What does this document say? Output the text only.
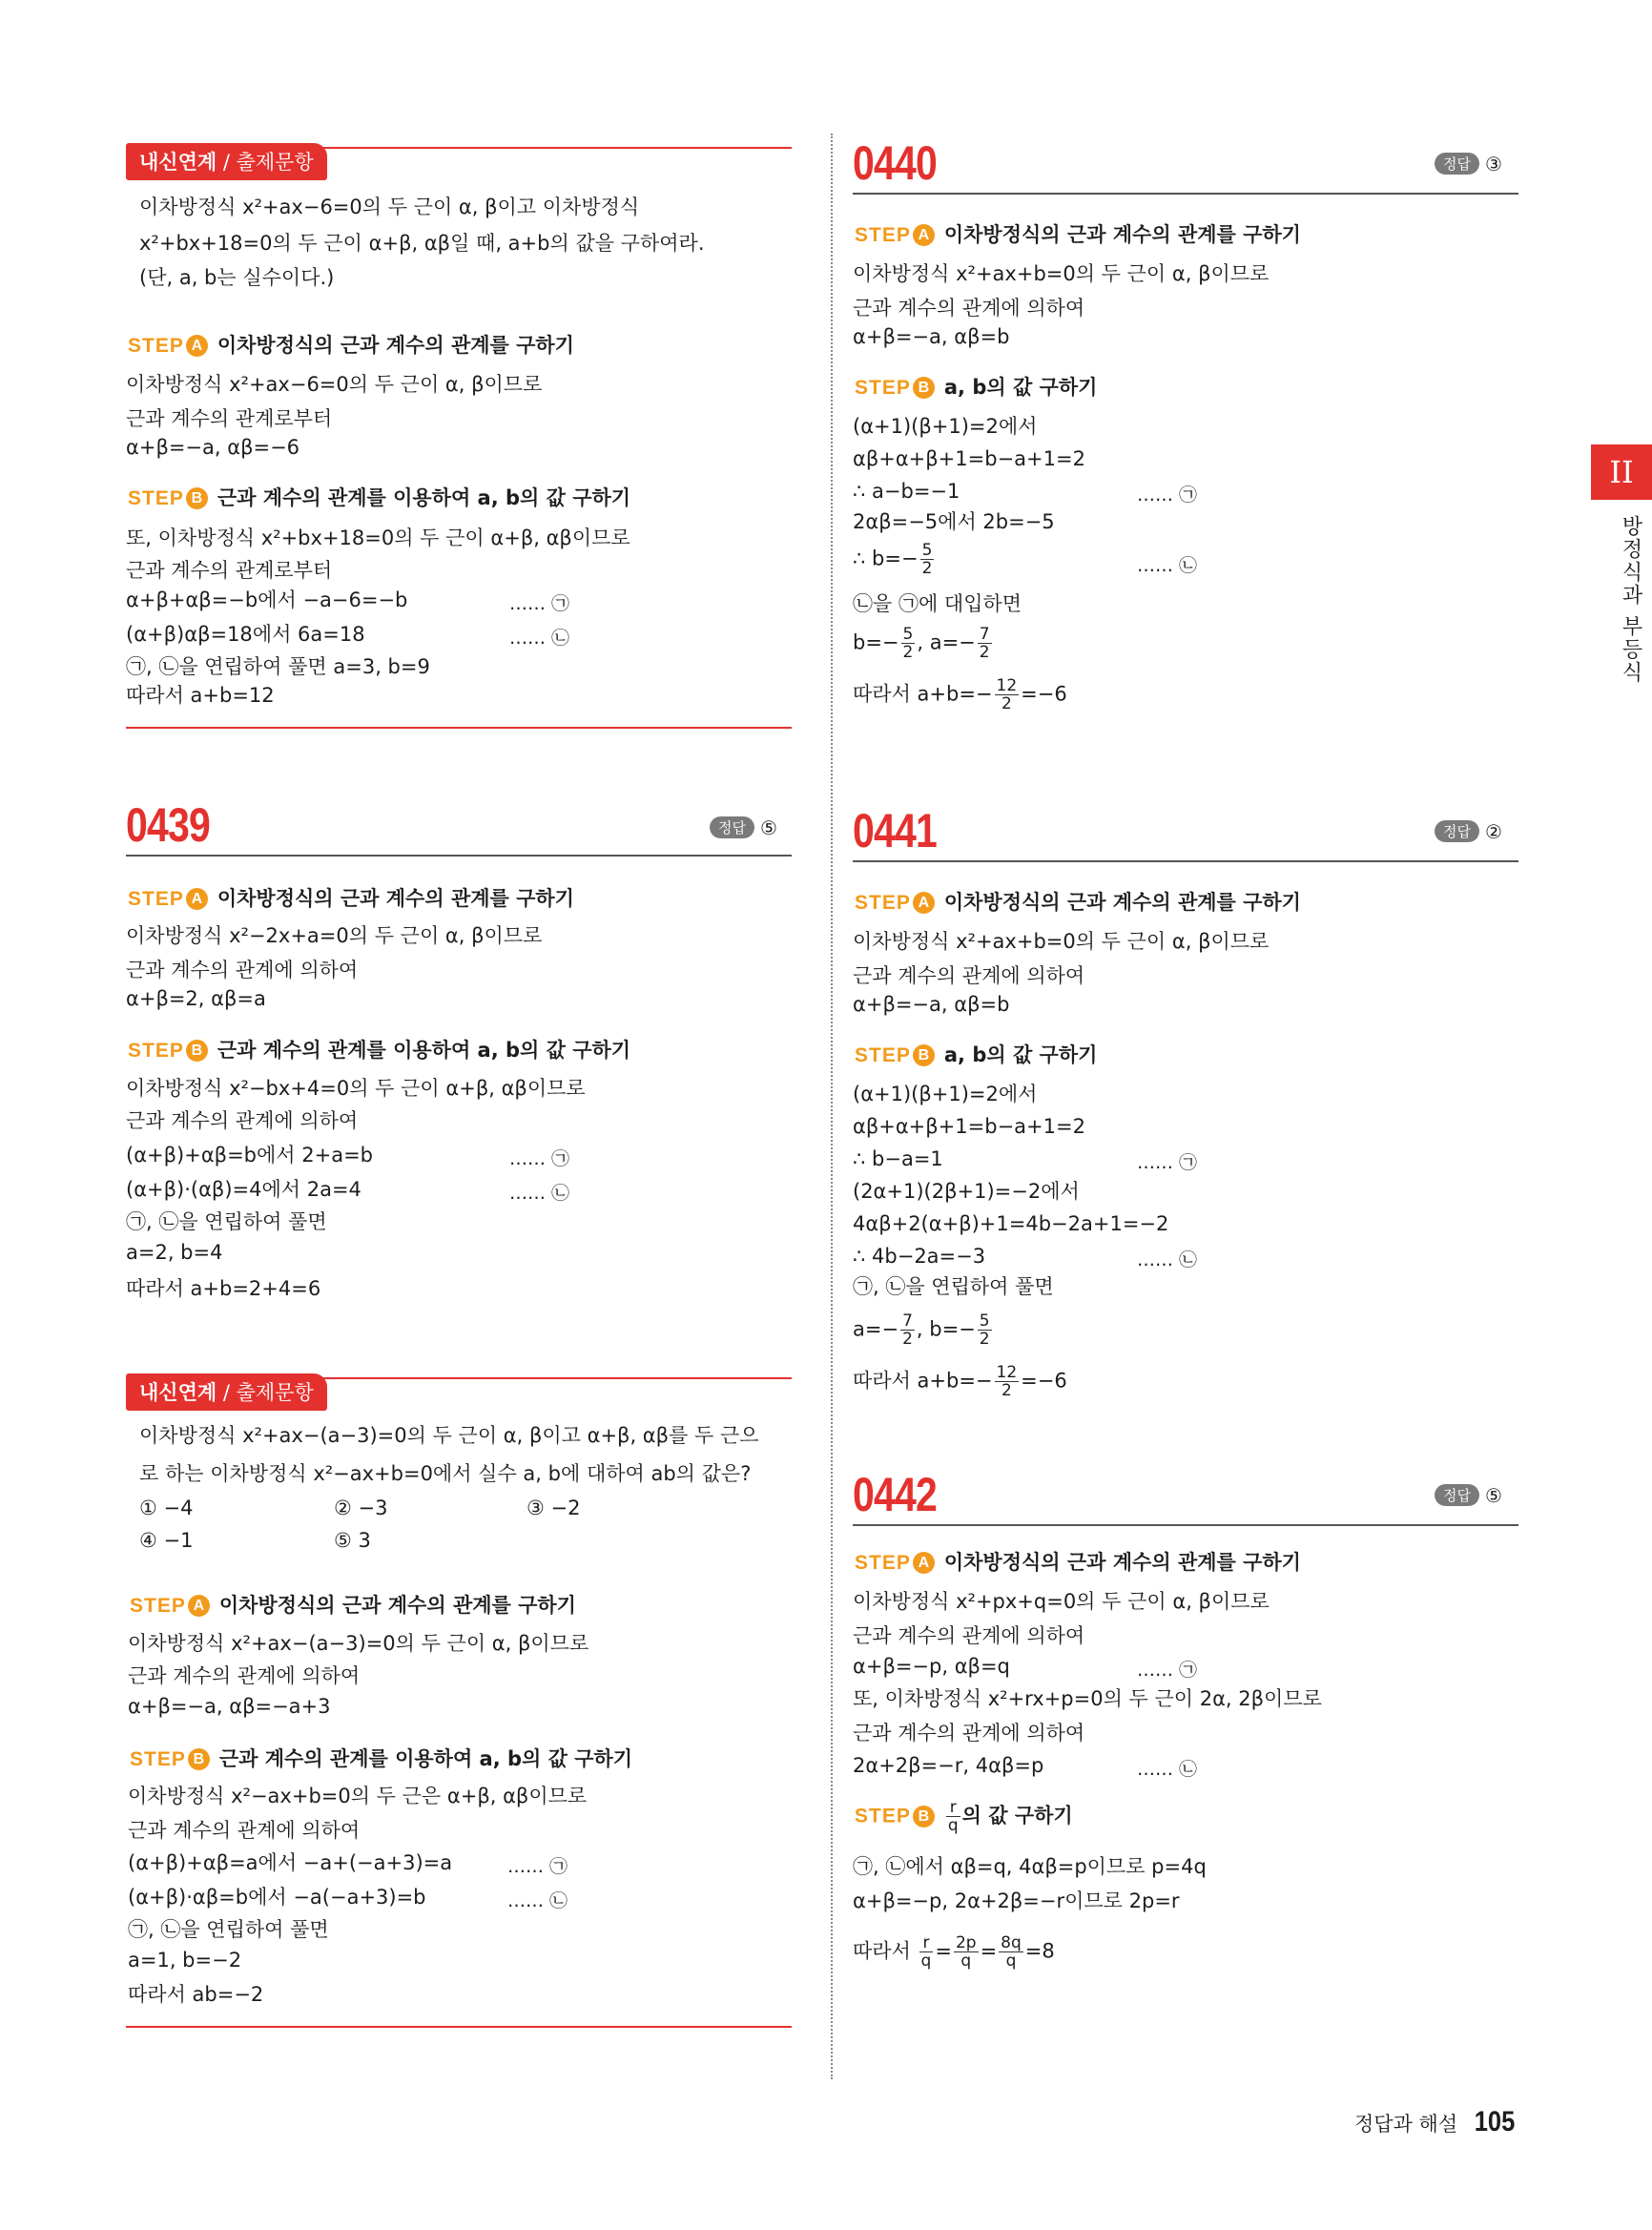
내신연계 / 출제문항
이차방정식 x²+ax−6=0의 두 근이 α, β이고 이차방정식
x²+bx+18=0의 두 근이 α+β, αβ일 때, a+b의 값을 구하여라.
(단, a, b는 실수이다.)
STEP A 이차방정식의 근과 계수의 관계를 구하기
이차방정식 x²+ax−6=0의 두 근이 α, β이므로
근과 계수의 관계로부터
α+β=−a, αβ=−6
STEP B 근과 계수의 관계를 이용하여 a, b의 값 구하기
또, 이차방정식 x²+bx+18=0의 두 근이 α+β, αβ이므로
근과 계수의 관계로부터
α+β+αβ=−b에서 −a−6=−b	…… ㉠
(α+β)αβ=18에서 6a=18	…… ㉡
㉠, ㉡을 연립하여 풀면 a=3, b=9
따라서 a+b=12
0439	정답 ⑤
STEP A 이차방정식의 근과 계수의 관계를 구하기
이차방정식 x²−2x+a=0의 두 근이 α, β이므로
근과 계수의 관계에 의하여
α+β=2, αβ=a
STEP B 근과 계수의 관계를 이용하여 a, b의 값 구하기
이차방정식 x²−bx+4=0의 두 근이 α+β, αβ이므로
근과 계수의 관계에 의하여
(α+β)+αβ=b에서 2+a=b	…… ㉠
(α+β)·(αβ)=4에서 2a=4	…… ㉡
㉠, ㉡을 연립하여 풀면
a=2, b=4
따라서 a+b=2+4=6
내신연계 / 출제문항
이차방정식 x²+ax−(a−3)=0의 두 근이 α, β이고 α+β, αβ를 두 근으
로 하는 이차방정식 x²−ax+b=0에서 실수 a, b에 대하여 ab의 값은?
① −4	② −3	③ −2
④ −1	⑤ 3
STEP A 이차방정식의 근과 계수의 관계를 구하기
이차방정식 x²+ax−(a−3)=0의 두 근이 α, β이므로
근과 계수의 관계에 의하여
α+β=−a, αβ=−a+3
STEP B 근과 계수의 관계를 이용하여 a, b의 값 구하기
이차방정식 x²−ax+b=0의 두 근은 α+β, αβ이므로
근과 계수의 관계에 의하여
(α+β)+αβ=a에서 −a+(−a+3)=a	…… ㉠
(α+β)·αβ=b에서 −a(−a+3)=b	…… ㉡
㉠, ㉡을 연립하여 풀면
a=1, b=−2
따라서 ab=−2
0440	정답 ③
STEP A 이차방정식의 근과 계수의 관계를 구하기
이차방정식 x²+ax+b=0의 두 근이 α, β이므로
근과 계수의 관계에 의하여
α+β=−a, αβ=b
STEP B a, b의 값 구하기
(α+1)(β+1)=2에서
αβ+α+β+1=b−a+1=2
∴ a−b=−1	…… ㉠
2αβ=−5에서 2b=−5
∴ $b=- \frac{5}{2}$	…… ㉡
㉡을 ㉠에 대입하면
$b=- \frac{5}{2}$ , $a=- \frac{7}{2}$
따라서 $a+b=- \frac{12}{2} =-6$
0441	정답 ②
STEP A 이차방정식의 근과 계수의 관계를 구하기
이차방정식 x²+ax+b=0의 두 근이 α, β이므로
근과 계수의 관계에 의하여
α+β=−a, αβ=b
STEP B a, b의 값 구하기
(α+1)(β+1)=2에서
αβ+α+β+1=b−a+1=2
∴ b−a=1	…… ㉠
(2α+1)(2β+1)=−2에서
4αβ+2(α+β)+1=4b−2a+1=−2
∴ 4b−2a=−3	…… ㉡
㉠, ㉡을 연립하여 풀면
$a=- \frac{7}{2}$ , $b=- \frac{5}{2}$
따라서 $a+b=- \frac{12}{2} =-6$
0442	정답 ⑤
STEP A 이차방정식의 근과 계수의 관계를 구하기
이차방정식 x²+px+q=0의 두 근이 α, β이므로
근과 계수의 관계에 의하여
α+β=−p, αβ=q	…… ㉠
또, 이차방정식 x²+rx+p=0의 두 근이 2α, 2β이므로
근과 계수의 관계에 의하여
2α+2β=−r, 4αβ=p	…… ㉡
STEP B $\frac{r}{q}$ 의 값 구하기
㉠, ㉡에서 αβ=q, 4αβ=p이므로 p=4q
α+β=−p, 2α+2β=−r이므로 2p=r
따라서 $\frac{r}{q} = \frac{2p}{q} = \frac{8q}{q} =8$
II
방정식과 부등식
정답과 해설 105
